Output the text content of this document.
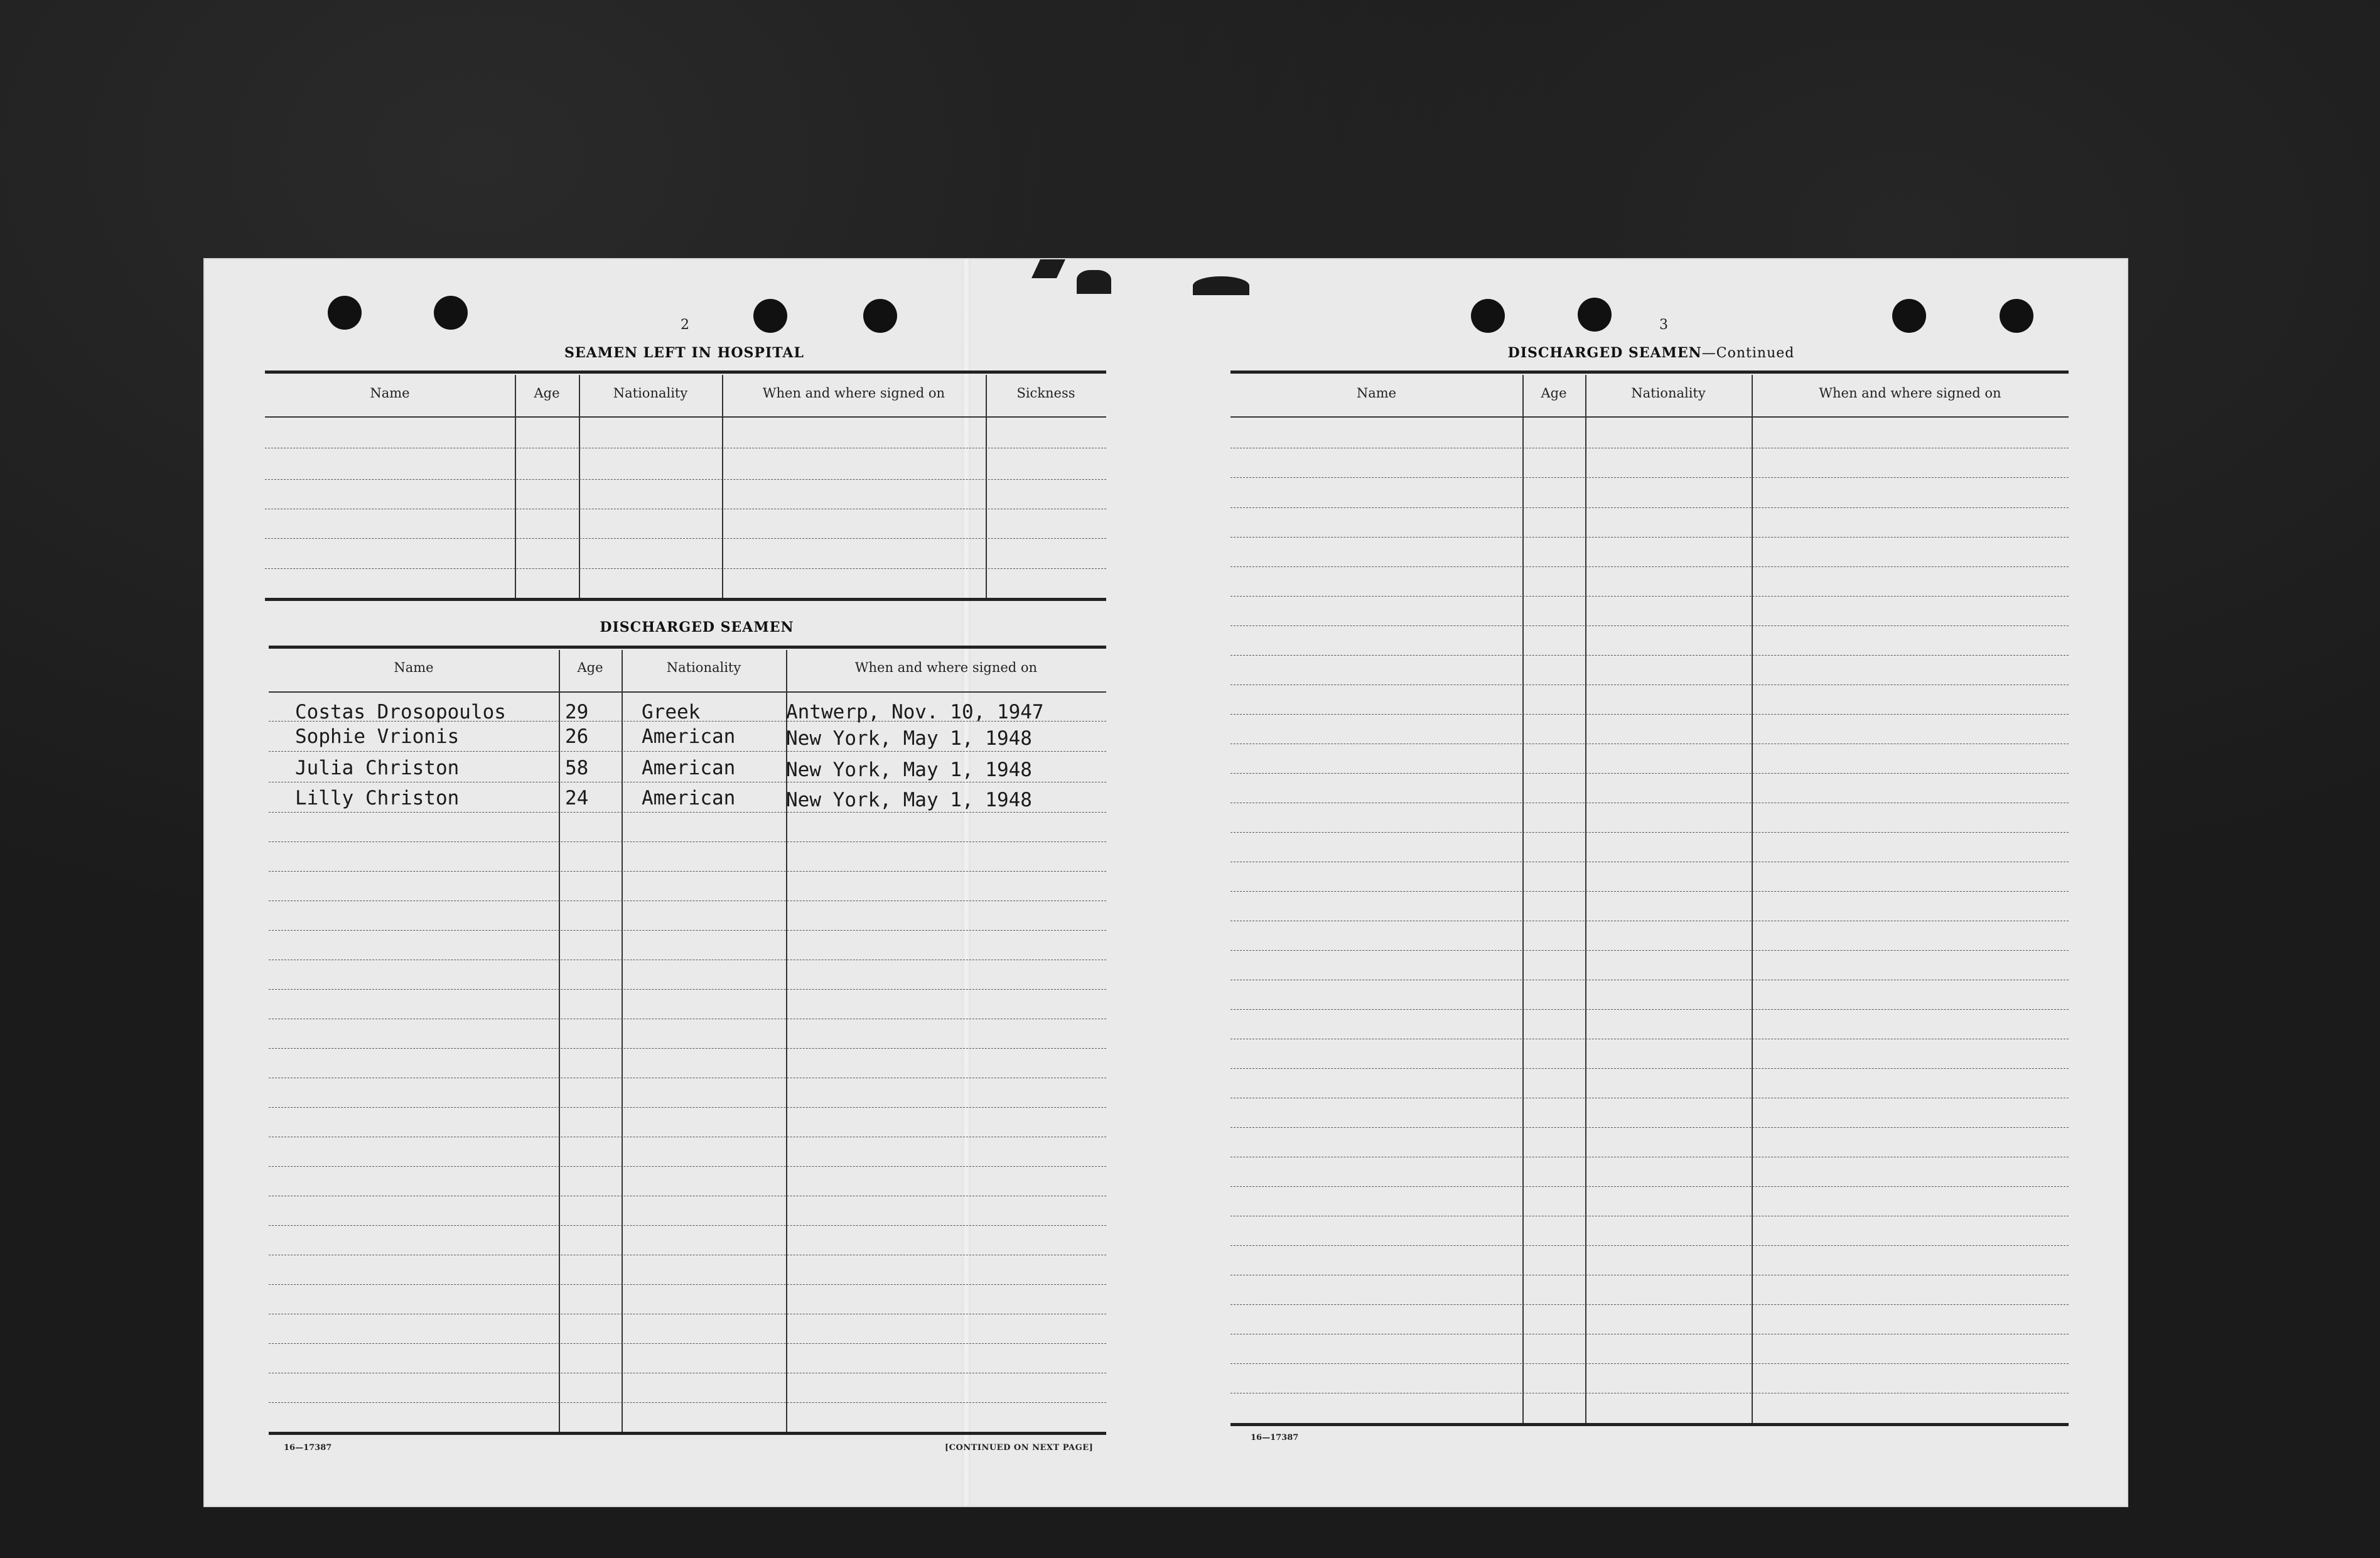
2
SEAMEN LEFT IN HOSPITAL
Name	Age	Nationality	When and where signed on	Sickness
DISCHARGED SEAMEN
Name	Age	Nationality	When and where signed on
Costas Drosopoulos	29	Greek	Antwerp, Nov. 10, 1947
Sophie Vrionis	26	American	New York, May 1, 1948
Julia Christon	58	American	New York, May 1, 1948
Lilly Christon	24	American	New York, May 1, 1948
16—17387	[CONTINUED ON NEXT PAGE]
3
DISCHARGED SEAMEN—Continued
Name	Age	Nationality	When and where signed on
16—17387
